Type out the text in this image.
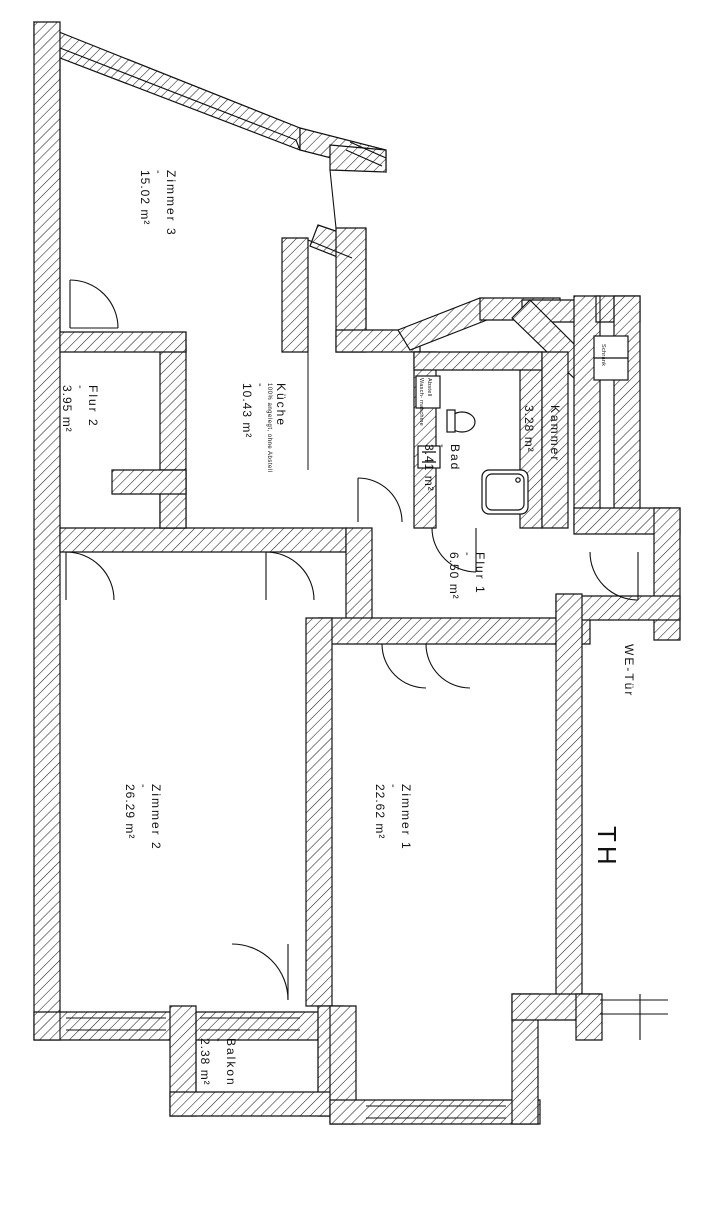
Zimmer 3
-
15.02 m²
Flur 2
-
3.95 m²	Küche
100% angelegt, ohne Abstell
-
10.43 m²
Bad
-
3.41 m²
Kammer
-
3.28 m²
Flur 1
-
6.50 m²
Zimmer 2
-
26.29 m²	Zimmer 1
-
22.62 m²
Balkon
-
2.38 m²
WE-Tür
TH
Wasch- maschine Abstell
Schrank
